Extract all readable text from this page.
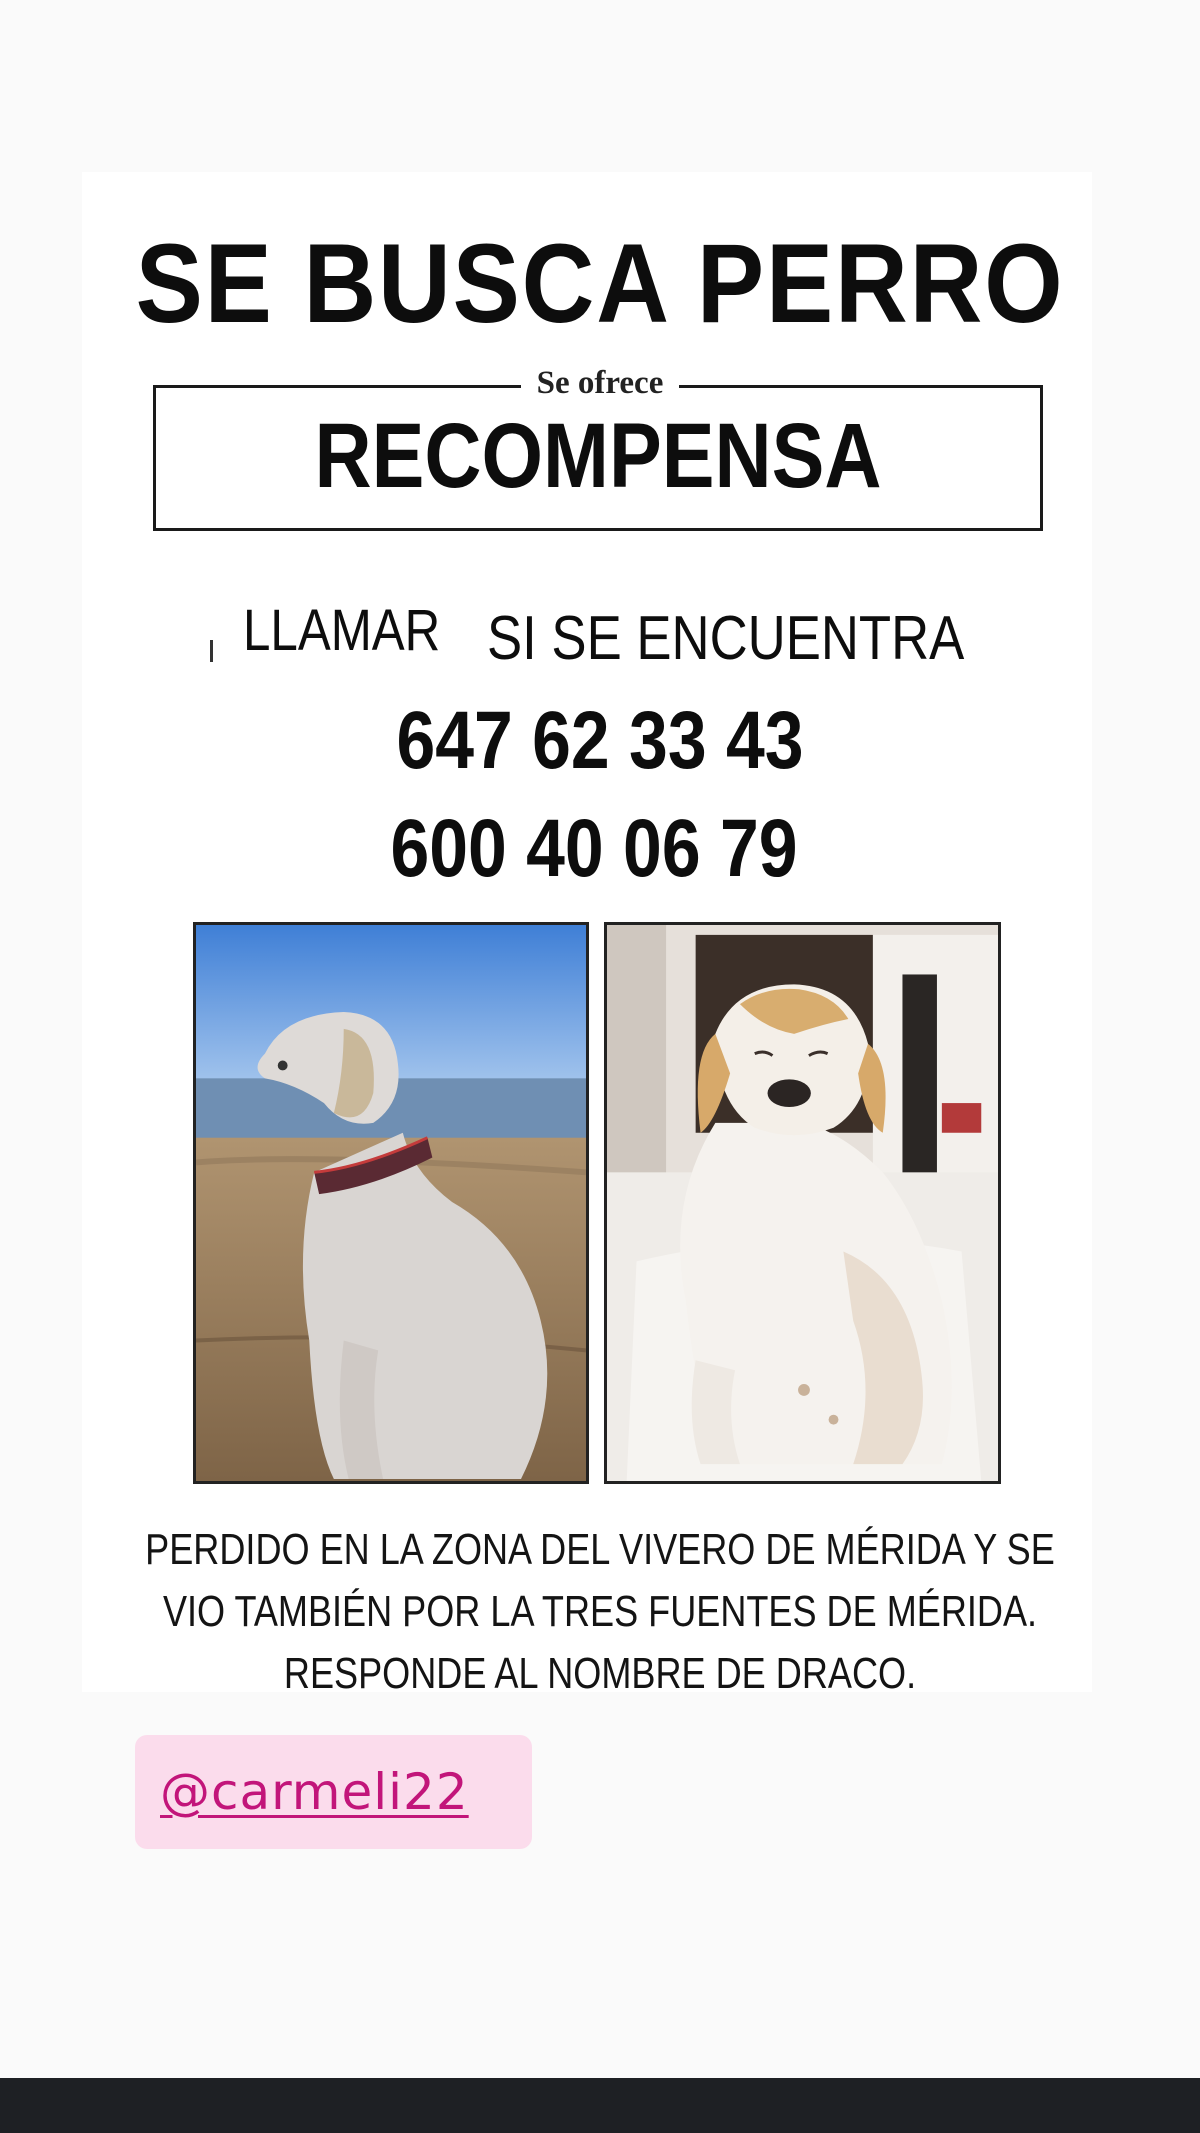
SE BUSCA PERRO
Se ofrece
RECOMPENSA
LLAMAR SI SE ENCUENTRA
647 62 33 43
600 40 06 79
PERDIDO EN LA ZONA DEL VIVERO DE MÉRIDA Y SE
VIO TAMBIÉN POR LA TRES FUENTES DE MÉRIDA.
RESPONDE AL NOMBRE DE DRACO.
@carmeli22
